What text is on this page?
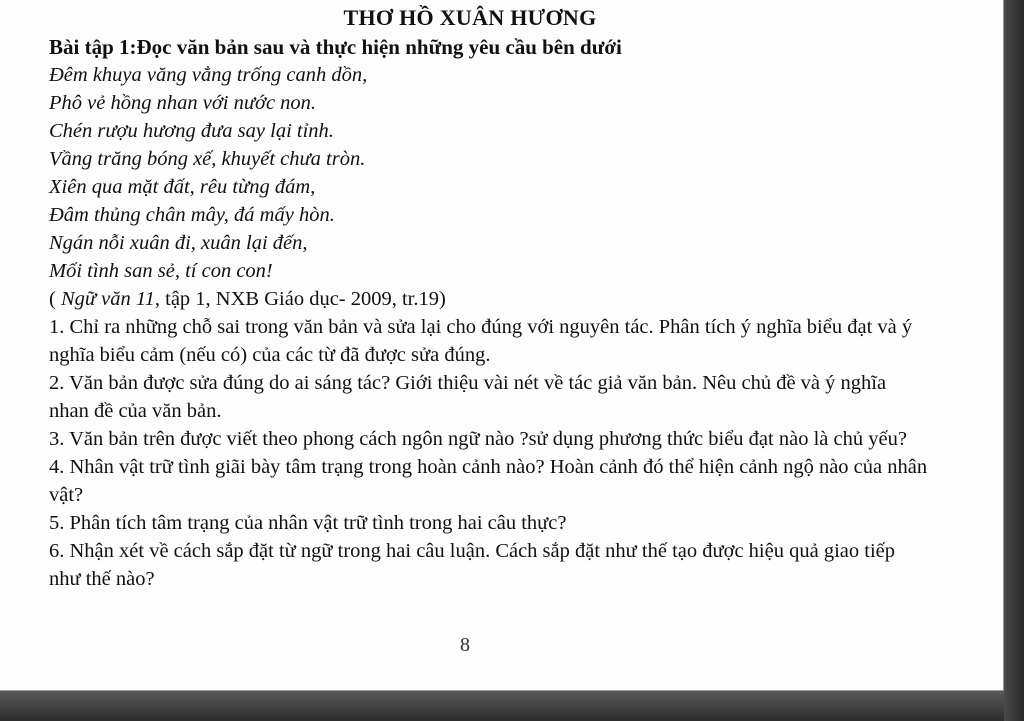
THƠ HỒ XUÂN HƯƠNG

Bài tập 1:Đọc văn bản sau và thực hiện những yêu cầu bên dưới

Đêm khuya văng vẳng trống canh dồn,
Phô vẻ hồng nhan với nước non.
Chén rượu hương đưa say lại tỉnh.
Vầng trăng bóng xế, khuyết chưa tròn.
Xiên qua mặt đất, rêu từng đám,
Đâm thủng chân mây, đá mấy hòn.
Ngán nỗi xuân đi, xuân lại đến,
Mối tình san sẻ, tí con con!

( Ngữ văn 11, tập 1, NXB Giáo dục- 2009, tr.19)

1. Chỉ ra những chỗ sai trong văn bản và sửa lại cho đúng với nguyên tác. Phân tích ý nghĩa biểu đạt và ý nghĩa biểu cảm (nếu có) của các từ đã được sửa đúng.
2. Văn bản được sửa đúng do ai sáng tác? Giới thiệu vài nét về tác giả văn bản. Nêu chủ đề và ý nghĩa nhan đề của văn bản.
3. Văn bản trên được viết theo phong cách ngôn ngữ nào ?sử dụng phương thức biểu đạt nào là chủ yếu?
4. Nhân vật trữ tình giãi bày tâm trạng trong hoàn cảnh nào? Hoàn cảnh đó thể hiện cảnh ngộ nào của nhân vật?
5. Phân tích tâm trạng của nhân vật trữ tình trong hai câu thực?
6. Nhận xét về cách sắp đặt từ ngữ trong hai câu luận. Cách sắp đặt như thế tạo được hiệu quả giao tiếp như thế nào?

8
